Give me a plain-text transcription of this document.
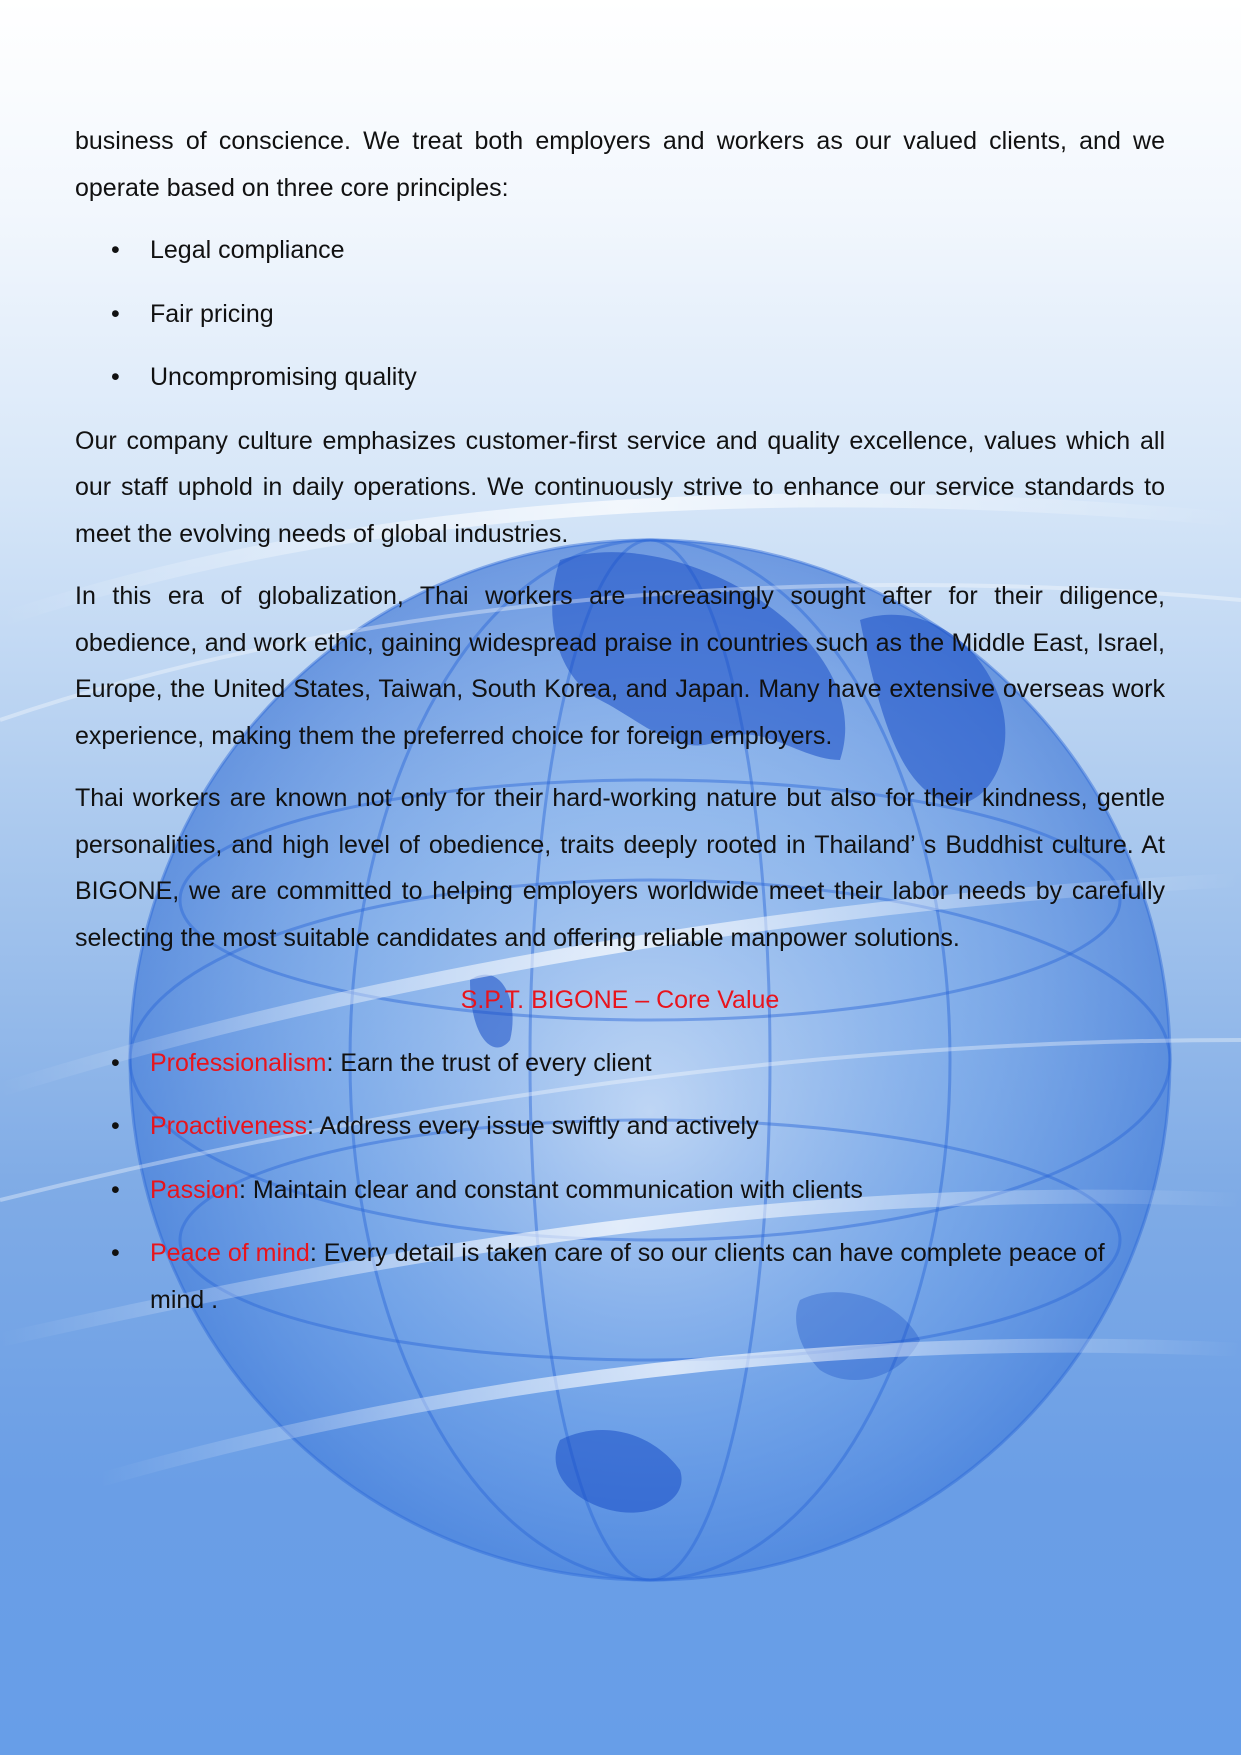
business of conscience. We treat both employers and workers as our valued clients, and we operate based on three core principles:

• Legal compliance
• Fair pricing
• Uncompromising quality

Our company culture emphasizes customer-first service and quality excellence, values which all our staff uphold in daily operations. We continuously strive to enhance our service standards to meet the evolving needs of global industries.

In this era of globalization, Thai workers are increasingly sought after for their diligence, obedience, and work ethic, gaining widespread praise in countries such as the Middle East, Israel, Europe, the United States, Taiwan, South Korea, and Japan. Many have extensive overseas work experience, making them the preferred choice for foreign employers.

Thai workers are known not only for their hard-working nature but also for their kindness, gentle personalities, and high level of obedience, traits deeply rooted in Thailand’ s Buddhist culture. At BIGONE, we are committed to helping employers worldwide meet their labor needs by carefully selecting the most suitable candidates and offering reliable manpower solutions.

S.P.T. BIGONE – Core Value
• Professionalism: Earn the trust of every client
• Proactiveness: Address every issue swiftly and actively
• Passion: Maintain clear and constant communication with clients
• Peace of mind: Every detail is taken care of so our clients can have complete peace of mind .
